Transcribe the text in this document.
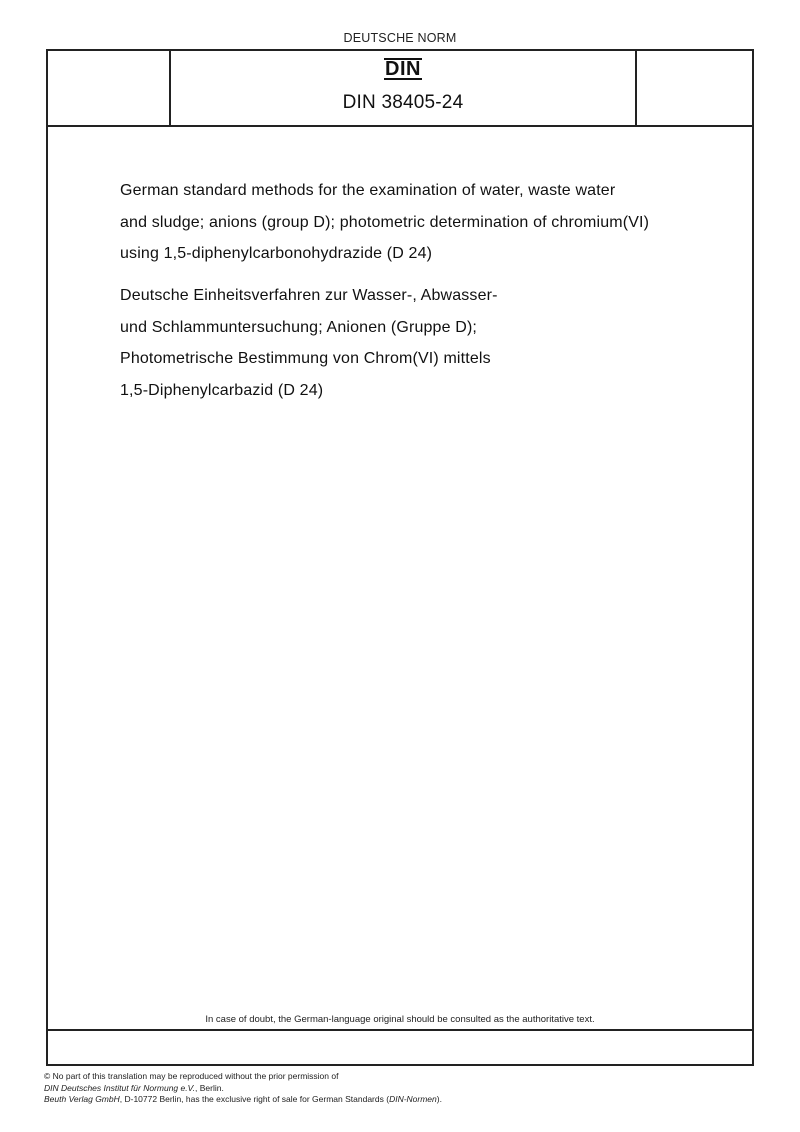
DEUTSCHE NORM
DIN
DIN 38405-24
German standard methods for the examination of water, waste water
and sludge; anions (group D); photometric determination of chromium(VI)
using 1,5-diphenylcarbonohydrazide (D 24)
Deutsche Einheitsverfahren zur Wasser-, Abwasser-
und Schlammuntersuchung; Anionen (Gruppe D);
Photometrische Bestimmung von Chrom(VI) mittels
1,5-Diphenylcarbazid (D 24)
In case of doubt, the German-language original should be consulted as the authoritative text.
© No part of this translation may be reproduced without the prior permission of
DIN Deutsches Institut für Normung e.V., Berlin.
Beuth Verlag GmbH, D-10772 Berlin, has the exclusive right of sale for German Standards (DIN-Normen).
